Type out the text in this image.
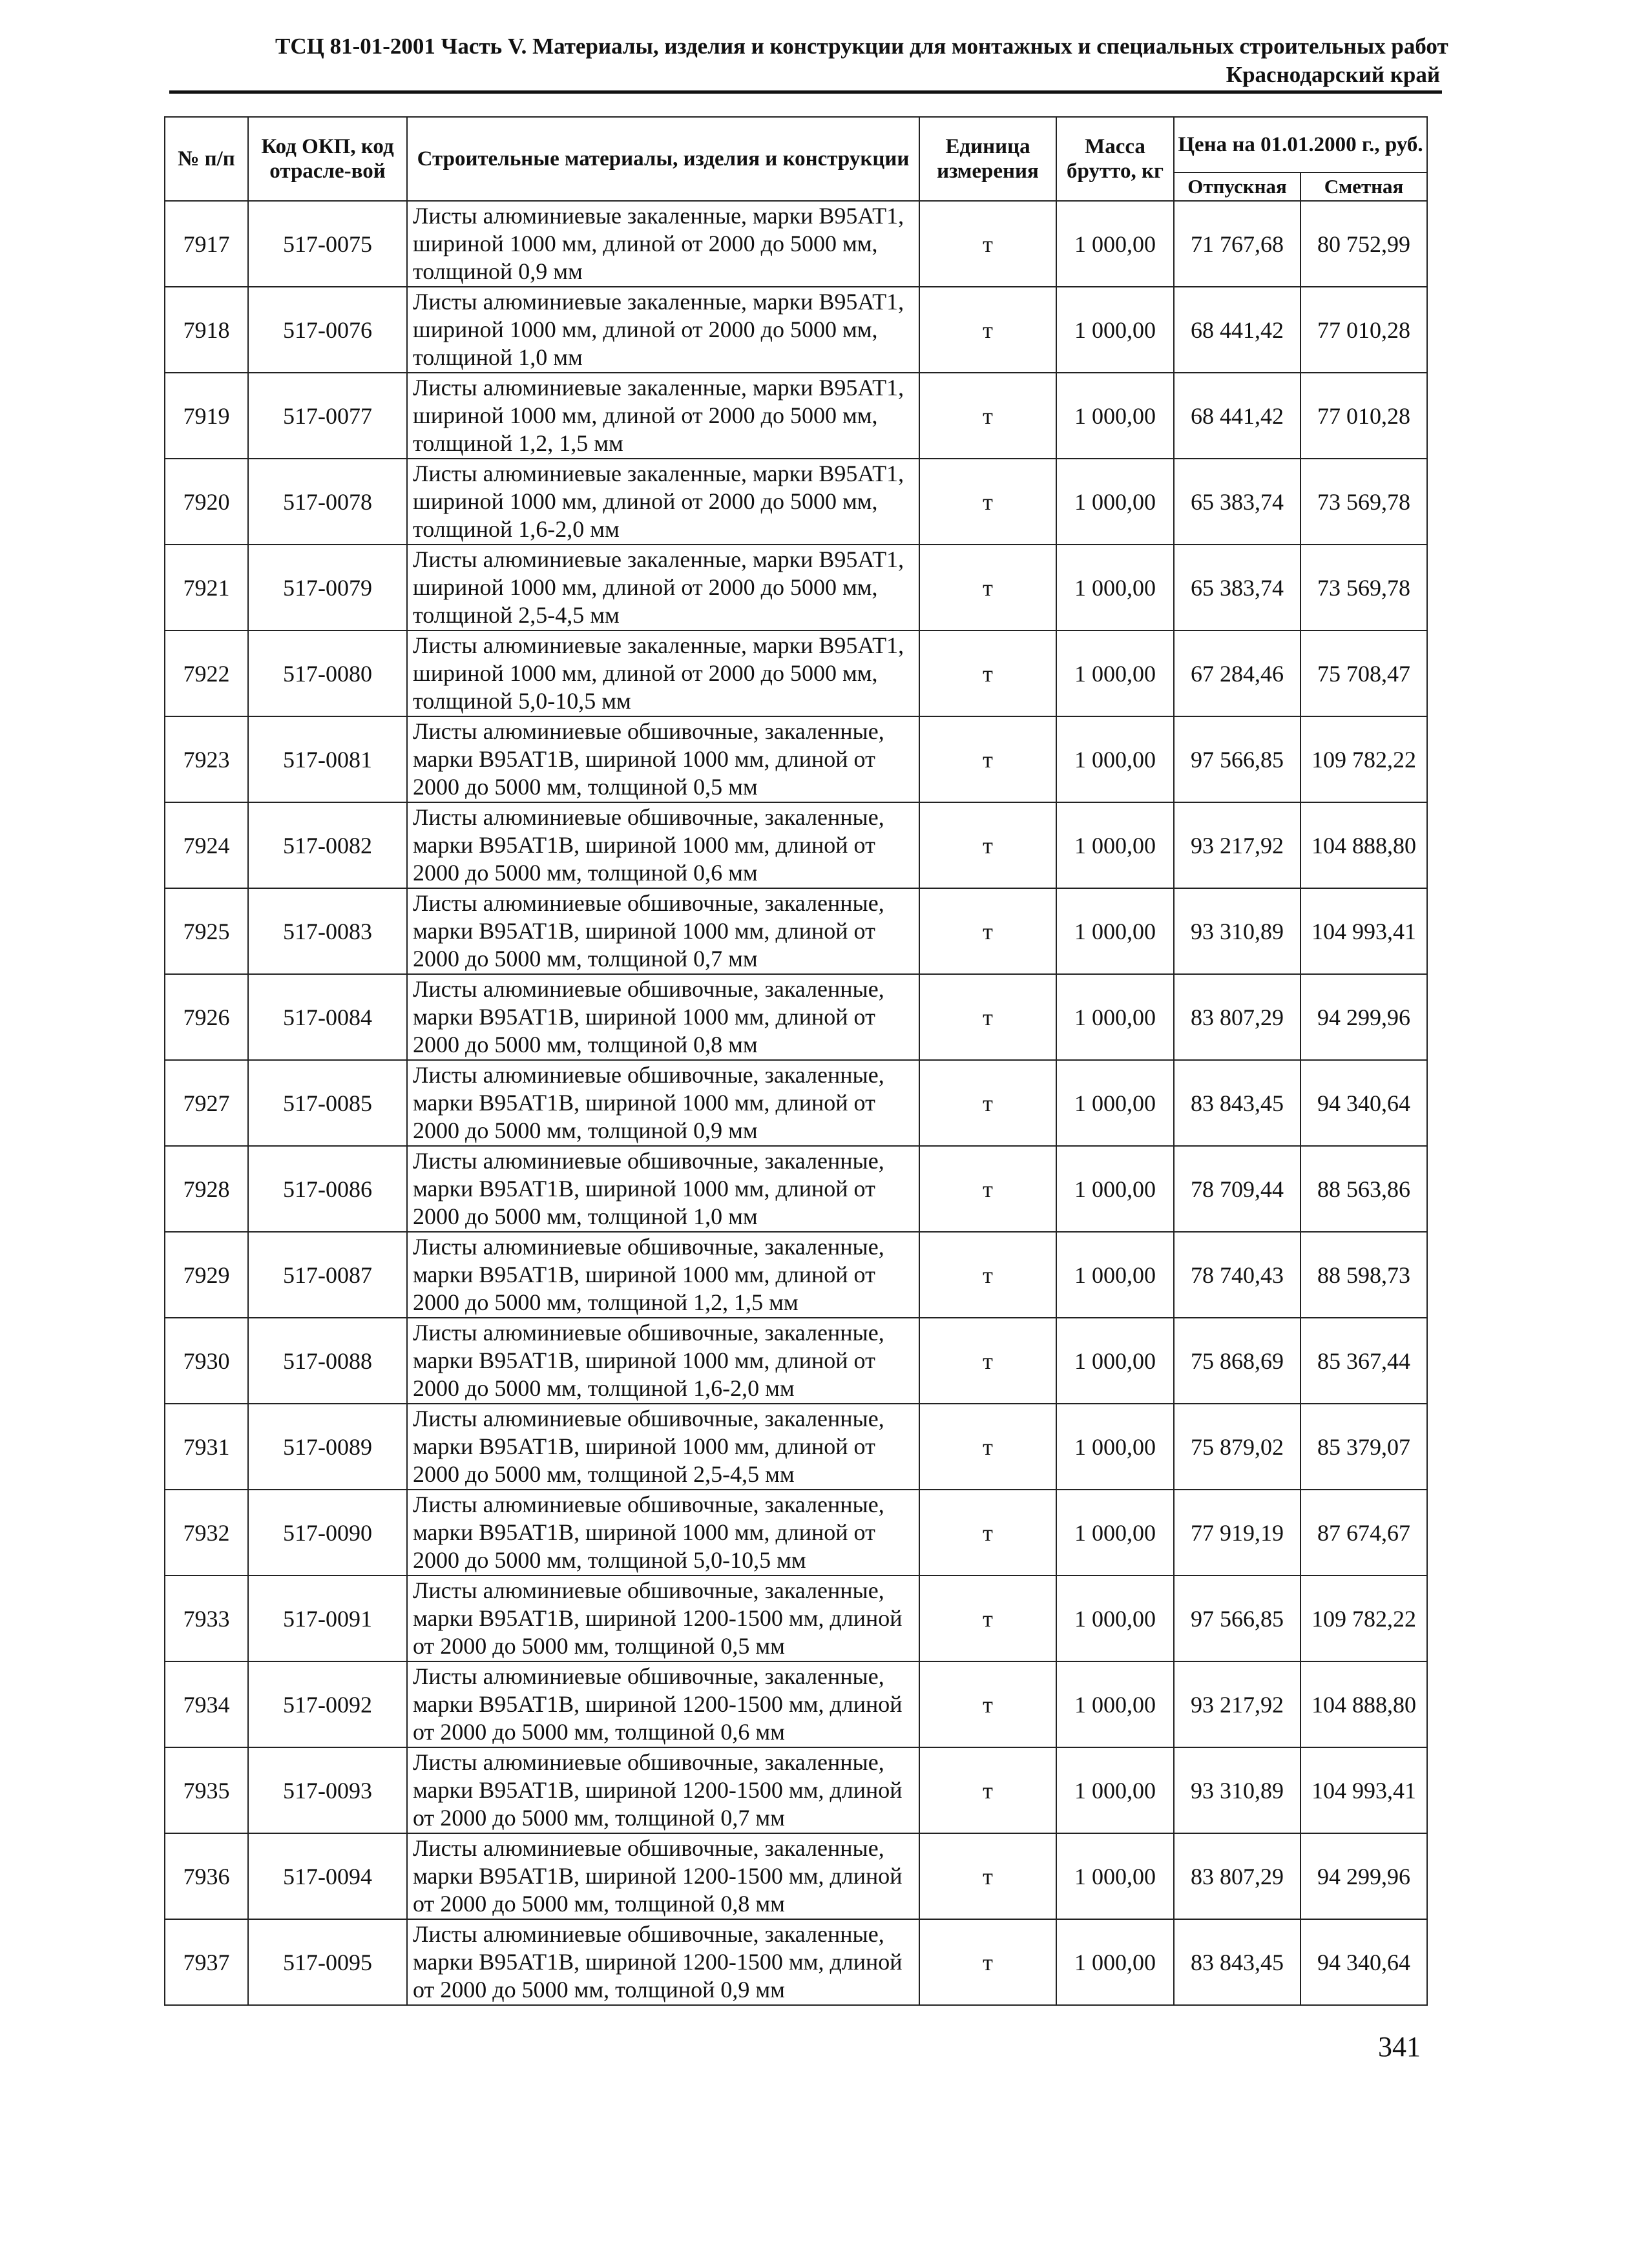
ТСЦ 81-01-2001 Часть V. Материалы, изделия и конструкции для монтажных и специальных строительных работ
Краснодарский край
№ п/п	Код ОКП, код отрасле-вой	Строительные материалы, изделия и конструкции	Единица измерения	Масса брутто, кг	Цена на 01.01.2000 г., руб.	
					Отпускная	Сметная
7917	517-0075	Листы алюминиевые закаленные, марки В95АТ1, шириной 1000 мм, длиной от 2000 до 5000 мм, толщиной 0,9 мм	т	1 000,00	71 767,68	80 752,99
7918	517-0076	Листы алюминиевые закаленные, марки В95АТ1, шириной 1000 мм, длиной от 2000 до 5000 мм, толщиной 1,0 мм	т	1 000,00	68 441,42	77 010,28
7919	517-0077	Листы алюминиевые закаленные, марки В95АТ1, шириной 1000 мм, длиной от 2000 до 5000 мм, толщиной 1,2, 1,5 мм	т	1 000,00	68 441,42	77 010,28
7920	517-0078	Листы алюминиевые закаленные, марки В95АТ1, шириной 1000 мм, длиной от 2000 до 5000 мм, толщиной 1,6-2,0 мм	т	1 000,00	65 383,74	73 569,78
7921	517-0079	Листы алюминиевые закаленные, марки В95АТ1, шириной 1000 мм, длиной от 2000 до 5000 мм, толщиной 2,5-4,5 мм	т	1 000,00	65 383,74	73 569,78
7922	517-0080	Листы алюминиевые закаленные, марки В95АТ1, шириной 1000 мм, длиной от 2000 до 5000 мм, толщиной 5,0-10,5 мм	т	1 000,00	67 284,46	75 708,47
7923	517-0081	Листы алюминиевые обшивочные, закаленные, марки В95АТ1В, шириной 1000 мм, длиной от 2000 до 5000 мм, толщиной 0,5 мм	т	1 000,00	97 566,85	109 782,22
7924	517-0082	Листы алюминиевые обшивочные, закаленные, марки В95АТ1В, шириной 1000 мм, длиной от 2000 до 5000 мм, толщиной 0,6 мм	т	1 000,00	93 217,92	104 888,80
7925	517-0083	Листы алюминиевые обшивочные, закаленные, марки В95АТ1В, шириной 1000 мм, длиной от 2000 до 5000 мм, толщиной 0,7 мм	т	1 000,00	93 310,89	104 993,41
7926	517-0084	Листы алюминиевые обшивочные, закаленные, марки В95АТ1В, шириной 1000 мм, длиной от 2000 до 5000 мм, толщиной 0,8 мм	т	1 000,00	83 807,29	94 299,96
7927	517-0085	Листы алюминиевые обшивочные, закаленные, марки В95АТ1В, шириной 1000 мм, длиной от 2000 до 5000 мм, толщиной 0,9 мм	т	1 000,00	83 843,45	94 340,64
7928	517-0086	Листы алюминиевые обшивочные, закаленные, марки В95АТ1В, шириной 1000 мм, длиной от 2000 до 5000 мм, толщиной 1,0 мм	т	1 000,00	78 709,44	88 563,86
7929	517-0087	Листы алюминиевые обшивочные, закаленные, марки В95АТ1В, шириной 1000 мм, длиной от 2000 до 5000 мм, толщиной 1,2, 1,5 мм	т	1 000,00	78 740,43	88 598,73
7930	517-0088	Листы алюминиевые обшивочные, закаленные, марки В95АТ1В, шириной 1000 мм, длиной от 2000 до 5000 мм, толщиной 1,6-2,0 мм	т	1 000,00	75 868,69	85 367,44
7931	517-0089	Листы алюминиевые обшивочные, закаленные, марки В95АТ1В, шириной 1000 мм, длиной от 2000 до 5000 мм, толщиной 2,5-4,5 мм	т	1 000,00	75 879,02	85 379,07
7932	517-0090	Листы алюминиевые обшивочные, закаленные, марки В95АТ1В, шириной 1000 мм, длиной от 2000 до 5000 мм, толщиной 5,0-10,5 мм	т	1 000,00	77 919,19	87 674,67
7933	517-0091	Листы алюминиевые обшивочные, закаленные, марки В95АТ1В, шириной 1200-1500 мм, длиной от 2000 до 5000 мм, толщиной 0,5 мм	т	1 000,00	97 566,85	109 782,22
7934	517-0092	Листы алюминиевые обшивочные, закаленные, марки В95АТ1В, шириной 1200-1500 мм, длиной от 2000 до 5000 мм, толщиной 0,6 мм	т	1 000,00	93 217,92	104 888,80
7935	517-0093	Листы алюминиевые обшивочные, закаленные, марки В95АТ1В, шириной 1200-1500 мм, длиной от 2000 до 5000 мм, толщиной 0,7 мм	т	1 000,00	93 310,89	104 993,41
7936	517-0094	Листы алюминиевые обшивочные, закаленные, марки В95АТ1В, шириной 1200-1500 мм, длиной от 2000 до 5000 мм, толщиной 0,8 мм	т	1 000,00	83 807,29	94 299,96
7937	517-0095	Листы алюминиевые обшивочные, закаленные, марки В95АТ1В, шириной 1200-1500 мм, длиной от 2000 до 5000 мм, толщиной 0,9 мм	т	1 000,00	83 843,45	94 340,64
341
